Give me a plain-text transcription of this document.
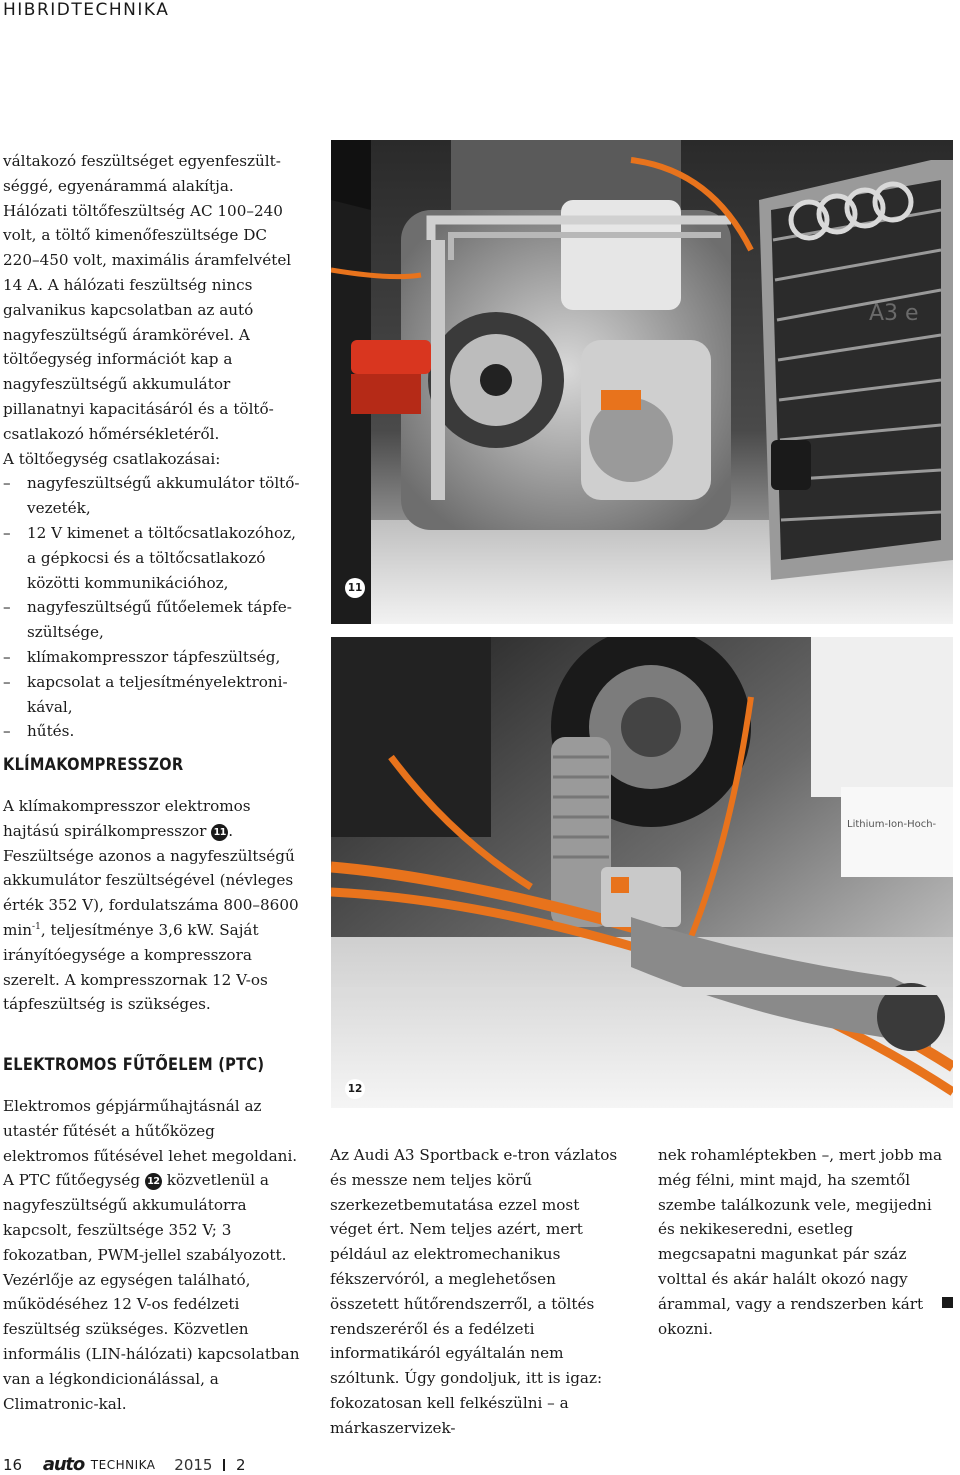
HIBRIDTECHNIKA

váltakozó feszültséget egyenfeszült-séggé, egyenárammá alakítja. Hálózati töltőfeszültség AC 100–240 volt, a töltő kimenőfeszültsége DC 220–450 volt, maximális áramfelvétel 14 A. A hálózati feszültség nincs galvanikus kapcsolatban az autó nagyfeszültségű áramkörével. A töltőegység információt kap a nagyfeszültségű akkumulátor pillanatnyi kapacitásáról és a töltő-csatlakozó hőmérsékletéről.

A töltőegység csatlakozásai:

– nagyfeszültségű akkumulátor töltő-vezeték,
– 12 V kimenet a töltőcsatlakozóhoz, a gépkocsi és a töltőcsatlakozó közötti kommunikációhoz,
– nagyfeszültségű fűtőelemek tápfe-szültsége,
– klímakompresszor tápfeszültség,
– kapcsolat a teljesítményelektroni-kával,
– hűtés.
KLÍMAKOMPRESSZOR

A klímakompresszor elektromos hajtású spirálkompresszor 11 . Feszültsége azonos a nagyfeszültségű akkumulátor feszültségével (névleges érték 352 V), fordulatszáma 800–8600 $\min^{-1}$, teljesítménye 3,6 kW. Saját irányítóegysége a kompresszora szerelt. A kompresszornak 12 V-os tápfeszültség is szükséges.

ELEKTROMOS FŰTŐELEM (PTC)

Elektromos gépjárműhajtásnál az utastér fűtését a hűtőközeg elektromos fűtésével lehet megoldani. A PTC fűtőegység 12 közvetlenül a nagyfeszültségű akkumulátorra kapcsolt, feszültsége 352 V; 3 fokozatban, PWM-jellel szabályozott. Vezérlője az egységen található, működéséhez 12 V-os fedélzeti feszültség szükséges. Közvetlen informális (LIN-hálózati) kapcsolatban van a légkondicionálással, a Climatronic-kal.

A3 e
11
Lithium-Ion-Hoch-
12

Az Audi A3 Sportback e-tron vázlatos és messze nem teljes körű szerkezetbemutatása ezzel most véget ért. Nem teljes azért, mert például az elektromechanikus fékszervóról, a meglehetősen összetett hűtőrendszerről, a töltés rendszeréről és a fedélzeti informatikáról egyáltalán nem szóltunk. Úgy gondoljuk, itt is igaz: fokozatosan kell felkészülni – a márkaszervizek-

nek rohamléptekben –, mert jobb ma még félni, mint majd, ha szemtől szembe találkozunk vele, megijedni és nekikeseredni, esetleg megcsapatni magunkat pár száz volttal és akár halált okozó nagy árammal, vagy a rendszerben kárt okozni.

16 auto TECHNIKA 2015 2
